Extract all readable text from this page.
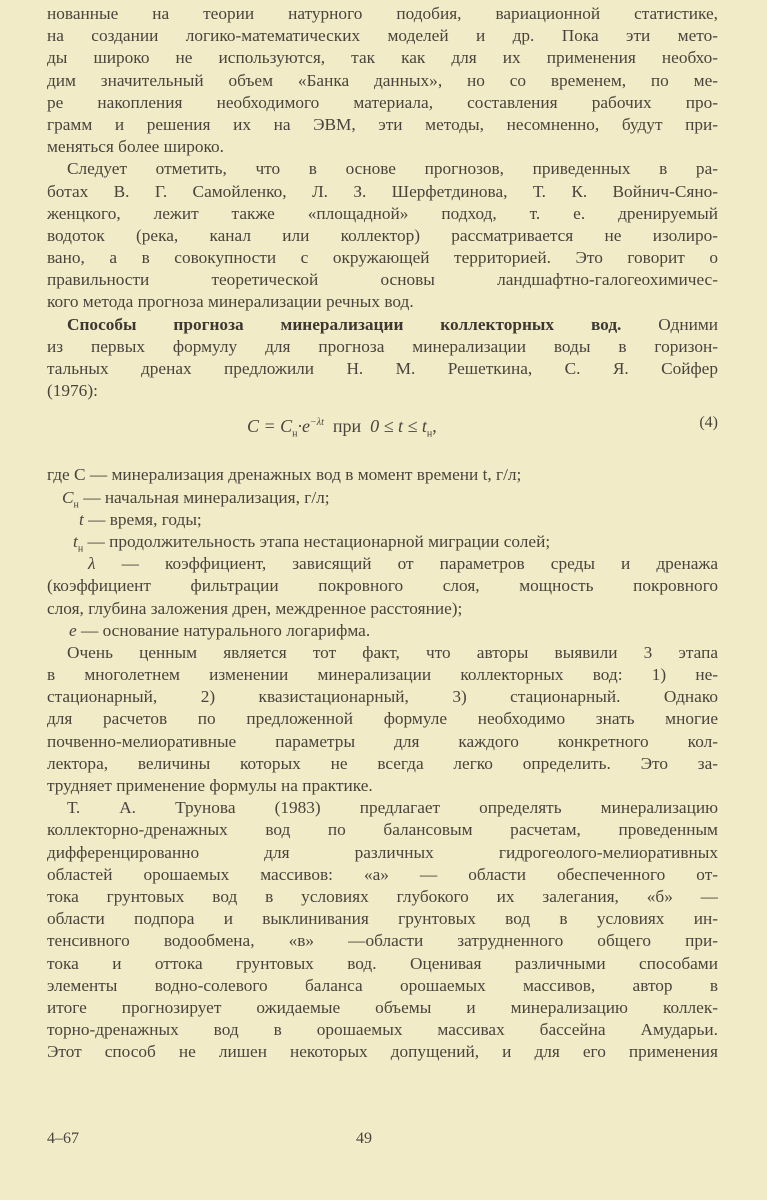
нованные на теории натурного подобия, вариационной статистике,
на создании логико-математических моделей и др. Пока эти мето-
ды широко не используются, так как для их применения необхо-
дим значительный объем «Банка данных», но со временем, по ме-
ре накопления необходимого материала, составления рабочих про-
грамм и решения их на ЭВМ, эти методы, несомненно, будут при-
меняться более широко.
Следует отметить, что в основе прогнозов, приведенных в ра-
ботах В. Г. Самойленко, Л. З. Шерфетдинова, Т. К. Войнич-Сяно-
женцкого, лежит также «площадной» подход, т. е. дренируемый
водоток (река, канал или коллектор) рассматривается не изолиро-
вано, а в совокупности с окружающей территорией. Это говорит о
правильности теоретической основы ландшафтно-галогеохимичес-
кого метода прогноза минерализации речных вод.
Способы прогноза минерализации коллекторных вод. Одними
из первых формулу для прогноза минерализации воды в горизон-
тальных дренах предложили Н. М. Решеткина, С. Я. Сойфер
(1976):
$C = C_н\cdot e^{-\lambda t}$ при $0 \le t \le t_н$,	(4)
где C — минерализация дренажных вод в момент времени t, г/л;
$C_н$ — начальная минерализация, г/л;
t — время, годы;
$t_н$ — продолжительность этапа нестационарной миграции солей;
λ — коэффициент, зависящий от параметров среды и дренажа
(коэффициент фильтрации покровного слоя, мощность покровного
слоя, глубина заложения дрен, междренное расстояние);
e — основание натурального логарифма.
Очень ценным является тот факт, что авторы выявили 3 этапа
в многолетнем изменении минерализации коллекторных вод: 1) не-
стационарный, 2) квазистационарный, 3) стационарный. Однако
для расчетов по предложенной формуле необходимо знать многие
почвенно-мелиоративные параметры для каждого конкретного кол-
лектора, величины которых не всегда легко определить. Это за-
трудняет применение формулы на практике.
Т. А. Трунова (1983) предлагает определять минерализацию
коллекторно-дренажных вод по балансовым расчетам, проведенным
дифференцированно для различных гидрогеолого-мелиоративных
областей орошаемых массивов: «а» — области обеспеченного от-
тока грунтовых вод в условиях глубокого их залегания, «б» —
области подпора и выклинивания грунтовых вод в условиях ин-
тенсивного водообмена, «в» —области затрудненного общего при-
тока и оттока грунтовых вод. Оценивая различными способами
элементы водно-солевого баланса орошаемых массивов, автор в
итоге прогнозирует ожидаемые объемы и минерализацию коллек-
торно-дренажных вод в орошаемых массивах бассейна Амударьи.
Этот способ не лишен некоторых допущений, и для его применения
4–67	49
